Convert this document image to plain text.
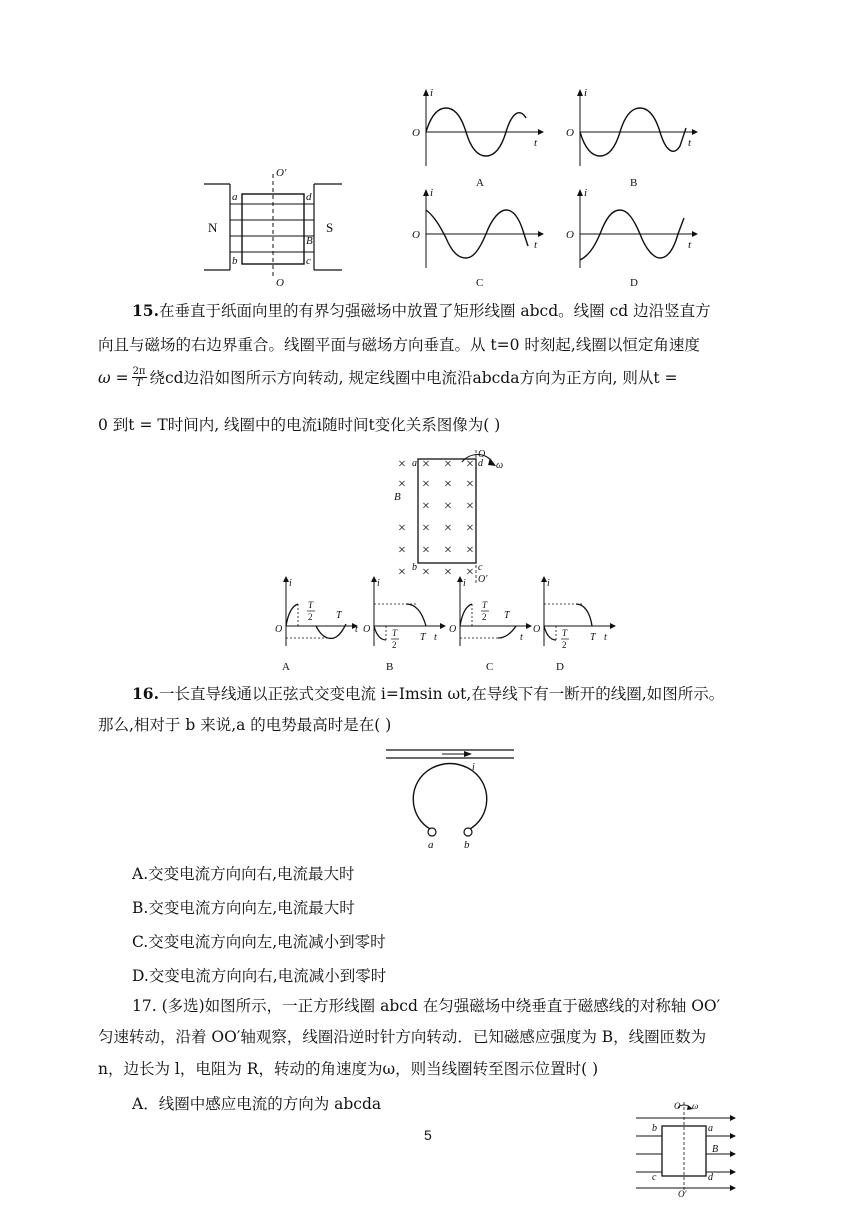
N	S
O′
O
a	d
b	c
B
i
O
t
A
i
O
t
B
i
O
t
C
i
O
t
D
15.在垂直于纸面向里的有界匀强磁场中放置了矩形线圈 abcd。线圈 cd 边沿竖直方
向且与磁场的右边界重合。线圈平面与磁场方向垂直。从 t=0 时刻起,线圈以恒定角速度
$\omega = \frac{2\pi}{T}$ 绕cd边沿如图所示方向转动, 规定线圈中电流沿abcda方向为正方向, 则从t =
0 到t = T时间内, 线圈中的电流i随时间t变化关系图像为( )
× × × ×
× × × ×
× × ×
× × × ×
× × × ×
× × × ×
O
O′
a	d
b	c
B
ω
i
O
T
2 T
t
A
i
O T
2
T t
B
i
O
T
2 T
t
C
i
O T
2
T t
D
16.一长直导线通以正弦式交变电流 i=Imsin ωt,在导线下有一断开的线圈,如图所示。
那么,相对于 b 来说,a 的电势最高时是在( )
i
a	b
A.交变电流方向向右,电流最大时
B.交变电流方向向左,电流最大时
C.交变电流方向向左,电流减小到零时
D.交变电流方向向右,电流减小到零时
17. (多选)如图所示，一正方形线圈 abcd 在匀强磁场中绕垂直于磁感线的对称轴 OO′
匀速转动，沿着 OO′轴观察，线圈沿逆时针方向转动．已知磁感应强度为 B，线圈匝数为
n，边长为 l，电阻为 R，转动的角速度为ω，则当线圈转至图示位置时( )
A．线圈中感应电流的方向为 abcda	O ω
O′
b	a
c	d
B
5
